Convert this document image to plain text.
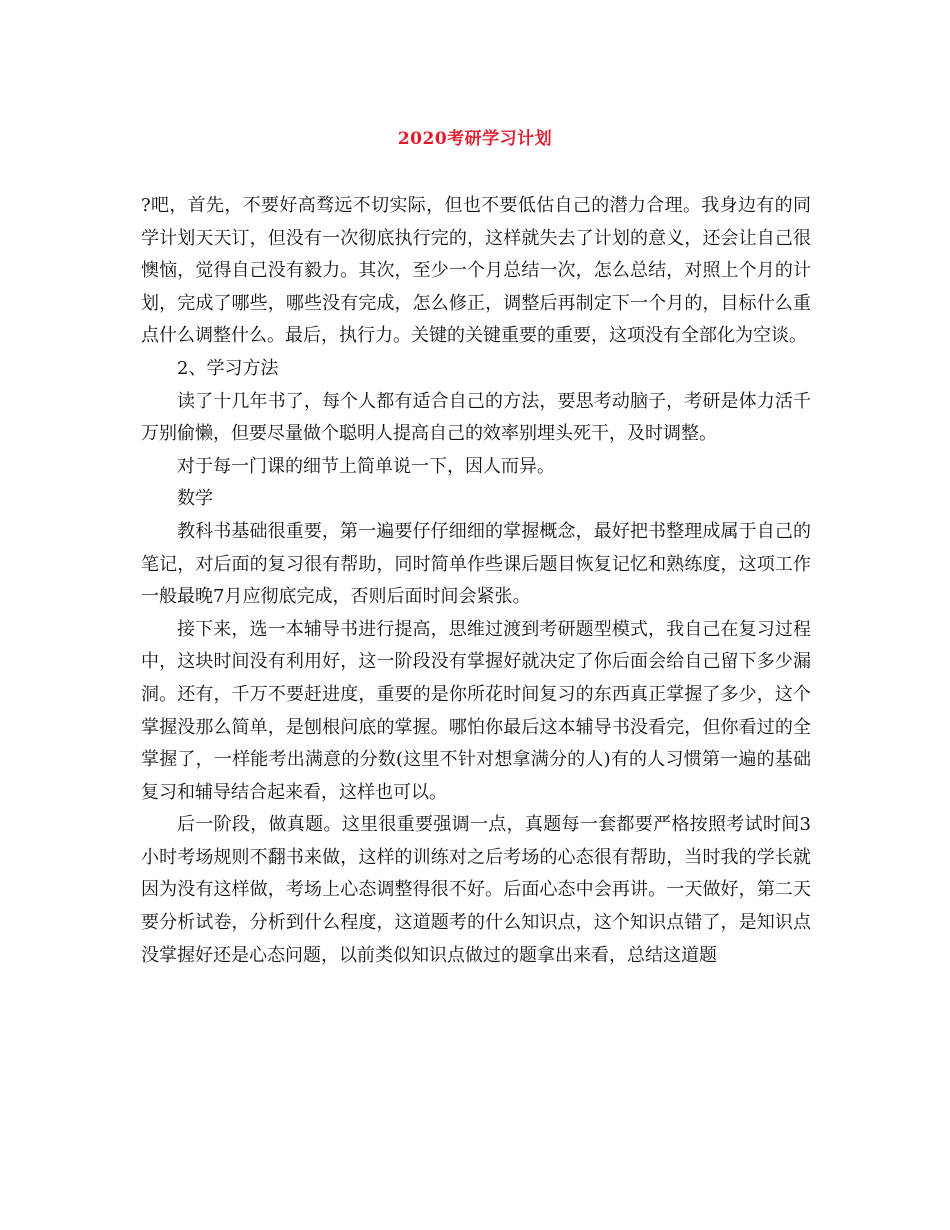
2020考研学习计划

?吧，首先，不要好高骛远不切实际，但也不要低估自己的潜力合理。我身边有的同学计划天天订，但没有一次彻底执行完的，这样就失去了计划的意义，还会让自己很懊恼，觉得自己没有毅力。其次，至少一个月总结一次，怎么总结，对照上个月的计划，完成了哪些，哪些没有完成，怎么修正，调整后再制定下一个月的，目标什么重点什么调整什么。最后，执行力。关键的关键重要的重要，这项没有全部化为空谈。

2、学习方法

读了十几年书了，每个人都有适合自己的方法，要思考动脑子，考研是体力活千万别偷懒，但要尽量做个聪明人提高自己的效率别埋头死干，及时调整。

对于每一门课的细节上简单说一下，因人而异。

数学

教科书基础很重要，第一遍要仔仔细细的掌握概念，最好把书整理成属于自己的笔记，对后面的复习很有帮助，同时简单作些课后题目恢复记忆和熟练度，这项工作一般最晚7月应彻底完成，否则后面时间会紧张。

接下来，选一本辅导书进行提高，思维过渡到考研题型模式，我自己在复习过程中，这块时间没有利用好，这一阶段没有掌握好就决定了你后面会给自己留下多少漏洞。还有，千万不要赶进度，重要的是你所花时间复习的东西真正掌握了多少，这个掌握没那么简单，是刨根问底的掌握。哪怕你最后这本辅导书没看完，但你看过的全掌握了，一样能考出满意的分数(这里不针对想拿满分的人)有的人习惯第一遍的基础复习和辅导结合起来看，这样也可以。

后一阶段，做真题。这里很重要强调一点，真题每一套都要严格按照考试时间3小时考场规则不翻书来做，这样的训练对之后考场的心态很有帮助，当时我的学长就因为没有这样做，考场上心态调整得很不好。后面心态中会再讲。一天做好，第二天要分析试卷，分析到什么程度，这道题考的什么知识点，这个知识点错了，是知识点没掌握好还是心态问题，以前类似知识点做过的题拿出来看，总结这道题
